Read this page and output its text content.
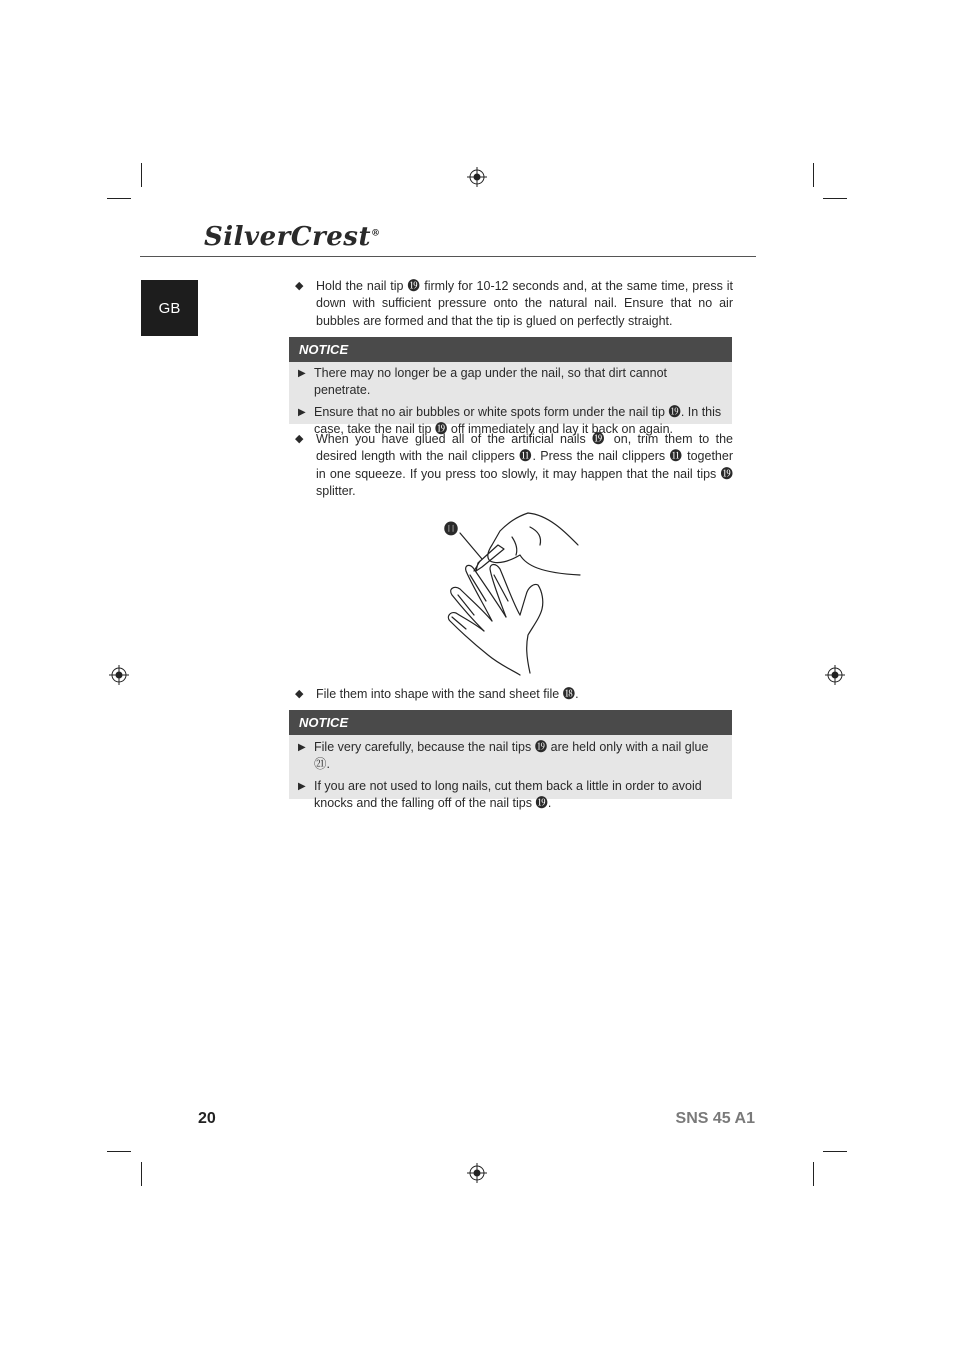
SilverCrest®
GB
◆ Hold the nail tip ⓳ firmly for 10-12 seconds and, at the same time, press it down with sufficient pressure onto the natural nail. Ensure that no air bubbles are formed and that the tip is glued on perfectly straight.
NOTICE
▶ There may no longer be a gap under the nail, so that dirt cannot penetrate.
▶ Ensure that no air bubbles or white spots form under the nail tip ⓳. In this case, take the nail tip ⓳ off immediately and lay it back on again.
◆ When you have glued all of the artificial nails ⓳ on, trim them to the desired length with the nail clippers ⓫. Press the nail clippers ⓫ together in one squeeze. If you press too slowly, it may happen that the nail tips ⓳ splitter.
⓫
◆ File them into shape with the sand sheet file ⓲.
NOTICE
▶ File very carefully, because the nail tips ⓳ are held only with a nail glue ㉑.
▶ If you are not used to long nails, cut them back a little in order to avoid knocks and the falling off of the nail tips ⓳.
20	SNS 45 A1
